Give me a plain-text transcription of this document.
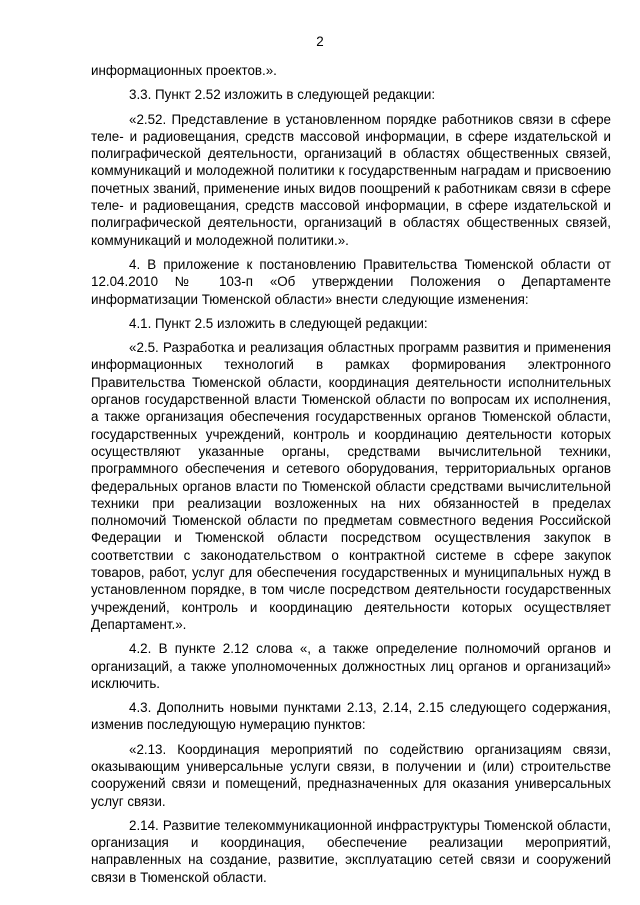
2

информационных проектов.».

3.3. Пункт 2.52 изложить в следующей редакции:

«2.52. Представление в установленном порядке работников связи в сфере теле- и радиовещания, средств массовой информации, в сфере издательской и полиграфической деятельности, организаций в областях общественных связей, коммуникаций и молодежной политики к государственным наградам и присвоению почетных званий, применение иных видов поощрений к работникам связи в сфере теле- и радиовещания, средств массовой информации, в сфере издательской и полиграфической деятельности, организаций в областях общественных связей, коммуникаций и молодежной политики.».

4. В приложение к постановлению Правительства Тюменской области от 12.04.2010 № 103-п «Об утверждении Положения о Департаменте информатизации Тюменской области» внести следующие изменения:

4.1. Пункт 2.5 изложить в следующей редакции:

«2.5. Разработка и реализация областных программ развития и применения информационных технологий в рамках формирования электронного Правительства Тюменской области, координация деятельности исполнительных органов государственной власти Тюменской области по вопросам их исполнения, а также организация обеспечения государственных органов Тюменской области, государственных учреждений, контроль и координацию деятельности которых осуществляют указанные органы, средствами вычислительной техники, программного обеспечения и сетевого оборудования, территориальных органов федеральных органов власти по Тюменской области средствами вычислительной техники при реализации возложенных на них обязанностей в пределах полномочий Тюменской области по предметам совместного ведения Российской Федерации и Тюменской области посредством осуществления закупок в соответствии с законодательством о контрактной системе в сфере закупок товаров, работ, услуг для обеспечения государственных и муниципальных нужд в установленном порядке, в том числе посредством деятельности государственных учреждений, контроль и координацию деятельности которых осуществляет Департамент.».

4.2. В пункте 2.12 слова «, а также определение полномочий органов и организаций, а также уполномоченных должностных лиц органов и организаций» исключить.

4.3. Дополнить новыми пунктами 2.13, 2.14, 2.15 следующего содержания, изменив последующую нумерацию пунктов:

«2.13. Координация мероприятий по содействию организациям связи, оказывающим универсальные услуги связи, в получении и (или) строительстве сооружений связи и помещений, предназначенных для оказания универсальных услуг связи.

2.14. Развитие телекоммуникационной инфраструктуры Тюменской области, организация и координация, обеспечение реализации мероприятий, направленных на создание, развитие, эксплуатацию сетей связи и сооружений связи в Тюменской области.
